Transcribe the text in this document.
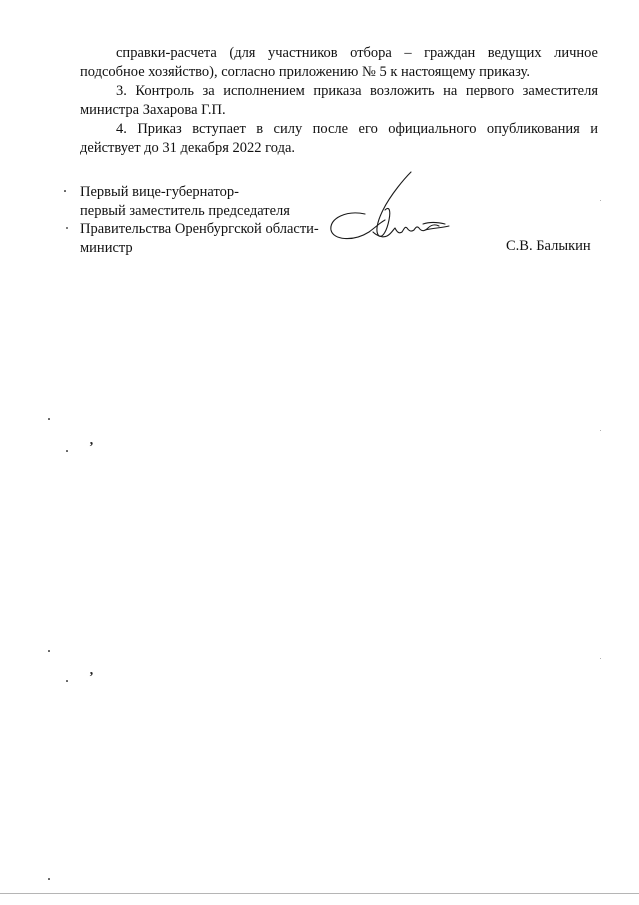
справки-расчета (для участников отбора – граждан ведущих личное
подсобное хозяйство), согласно приложению № 5 к настоящему приказу.

3. Контроль за исполнением приказа возложить на первого заместителя
министра Захарова Г.П.

4. Приказ вступает в силу после его официального опубликования и
действует до 31 декабря 2022 года.

Первый вице-губернатор-
первый заместитель председателя
Правительства Оренбургской области-
министр	С.В. Балыкин
’
’
